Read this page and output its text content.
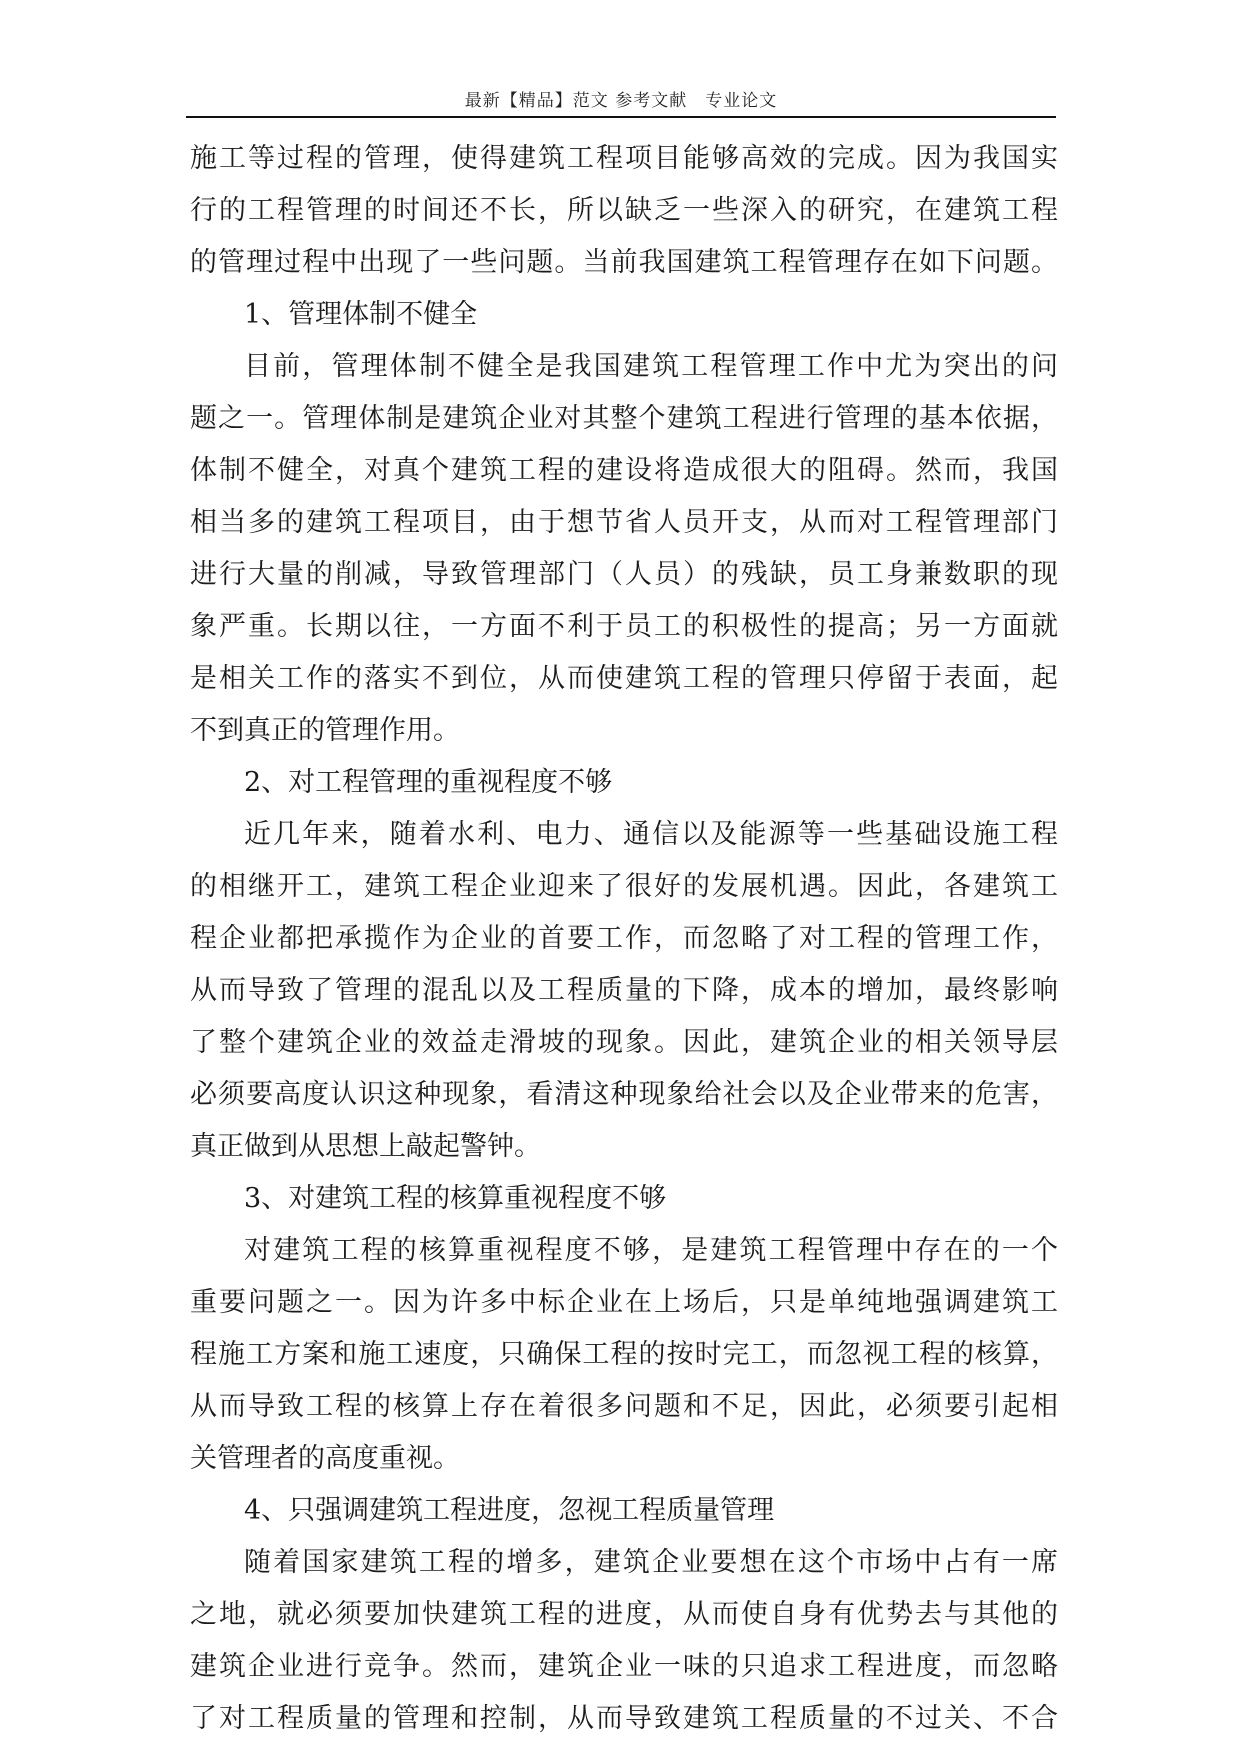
最新【精品】范文 参考文献　专业论文
施工等过程的管理，使得建筑工程项目能够高效的完成。因为我国实
行的工程管理的时间还不长，所以缺乏一些深入的研究，在建筑工程
的管理过程中出现了一些问题。当前我国建筑工程管理存在如下问题。
1、管理体制不健全
目前，管理体制不健全是我国建筑工程管理工作中尤为突出的问
题之一。管理体制是建筑企业对其整个建筑工程进行管理的基本依据，
体制不健全，对真个建筑工程的建设将造成很大的阻碍。然而，我国
相当多的建筑工程项目，由于想节省人员开支，从而对工程管理部门
进行大量的削减，导致管理部门（人员）的残缺，员工身兼数职的现
象严重。长期以往，一方面不利于员工的积极性的提高；另一方面就
是相关工作的落实不到位，从而使建筑工程的管理只停留于表面，起
不到真正的管理作用。
2、对工程管理的重视程度不够
近几年来，随着水利、电力、通信以及能源等一些基础设施工程
的相继开工，建筑工程企业迎来了很好的发展机遇。因此，各建筑工
程企业都把承揽作为企业的首要工作，而忽略了对工程的管理工作，
从而导致了管理的混乱以及工程质量的下降，成本的增加，最终影响
了整个建筑企业的效益走滑坡的现象。因此，建筑企业的相关领导层
必须要高度认识这种现象，看清这种现象给社会以及企业带来的危害，
真正做到从思想上敲起警钟。
3、对建筑工程的核算重视程度不够
对建筑工程的核算重视程度不够，是建筑工程管理中存在的一个
重要问题之一。因为许多中标企业在上场后，只是单纯地强调建筑工
程施工方案和施工速度，只确保工程的按时完工，而忽视工程的核算，
从而导致工程的核算上存在着很多问题和不足，因此，必须要引起相
关管理者的高度重视。
4、只强调建筑工程进度，忽视工程质量管理
随着国家建筑工程的增多，建筑企业要想在这个市场中占有一席
之地，就必须要加快建筑工程的进度，从而使自身有优势去与其他的
建筑企业进行竞争。然而，建筑企业一味的只追求工程进度，而忽略
了对工程质量的管理和控制，从而导致建筑工程质量的不过关、不合
